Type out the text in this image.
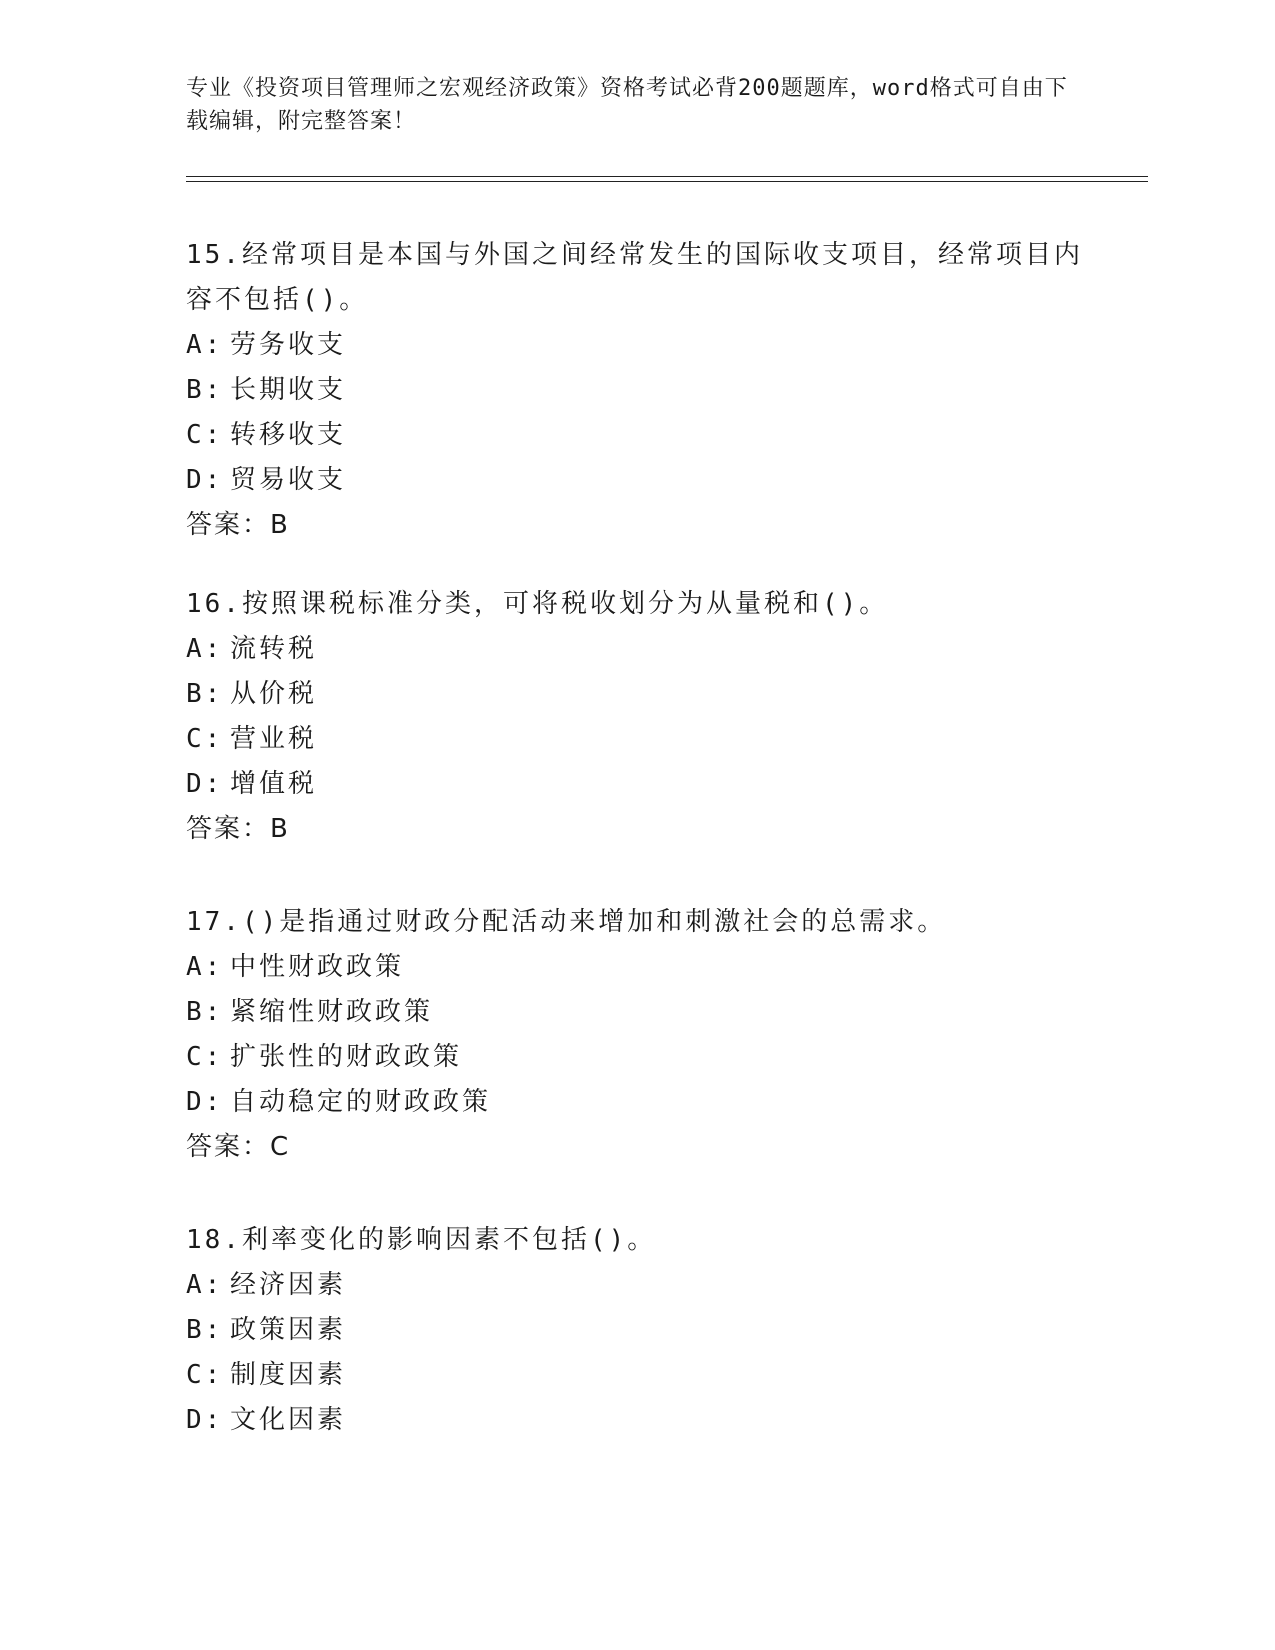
专业《投资项目管理师之宏观经济政策》资格考试必背200题题库，word格式可自由下载编辑，附完整答案！

15.经常项目是本国与外国之间经常发生的国际收支项目，经常项目内容不包括()。

A: 劳务收支

B: 长期收支

C: 转移收支

D: 贸易收支

答案：B

16.按照课税标准分类，可将税收划分为从量税和()。

A: 流转税

B: 从价税

C: 营业税

D: 增值税

答案：B

17.()是指通过财政分配活动来增加和刺激社会的总需求。

A: 中性财政政策

B: 紧缩性财政政策

C: 扩张性的财政政策

D: 自动稳定的财政政策

答案：C

18.利率变化的影响因素不包括()。

A: 经济因素

B: 政策因素

C: 制度因素

D: 文化因素
